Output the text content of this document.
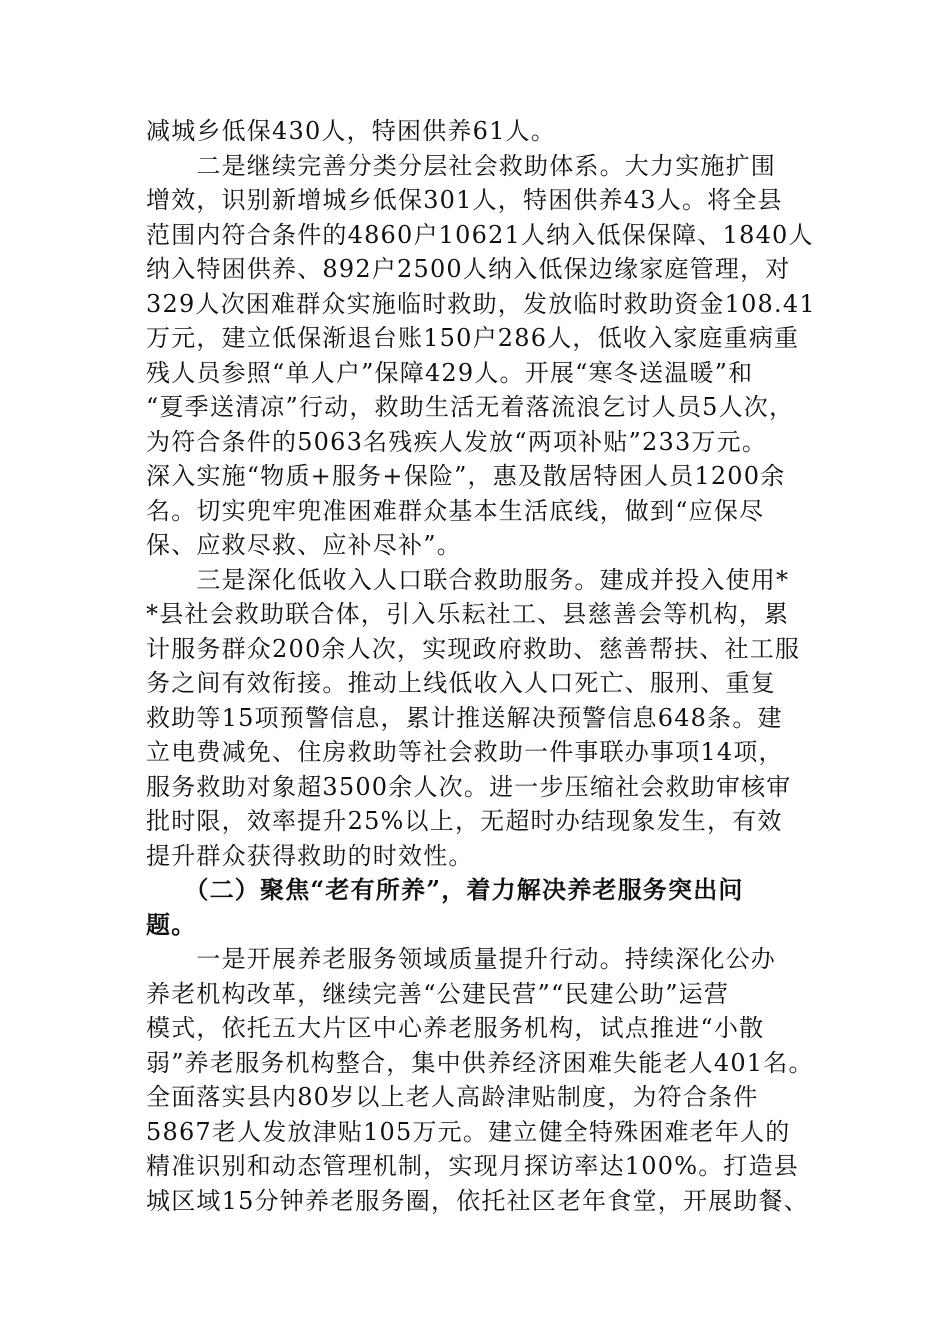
减城乡低保430人，特困供养61人。
　　二是继续完善分类分层社会救助体系。大力实施扩围
增效，识别新增城乡低保301人，特困供养43人。将全县
范围内符合条件的4860户10621人纳入低保保障、1840人
纳入特困供养、892户2500人纳入低保边缘家庭管理，对
329人次困难群众实施临时救助，发放临时救助资金108.41
万元，建立低保渐退台账150户286人，低收入家庭重病重
残人员参照“单人户”保障429人。开展“寒冬送温暖”和
“夏季送清凉”行动，救助生活无着落流浪乞讨人员5人次，
为符合条件的5063名残疾人发放“两项补贴”233万元。
深入实施“物质+服务+保险”，惠及散居特困人员1200余
名。切实兜牢兜准困难群众基本生活底线，做到“应保尽
保、应救尽救、应补尽补”。
　　三是深化低收入人口联合救助服务。建成并投入使用*
*县社会救助联合体，引入乐耘社工、县慈善会等机构，累
计服务群众200余人次，实现政府救助、慈善帮扶、社工服
务之间有效衔接。推动上线低收入人口死亡、服刑、重复
救助等15项预警信息，累计推送解决预警信息648条。建
立电费减免、住房救助等社会救助一件事联办事项14项，
服务救助对象超3500余人次。进一步压缩社会救助审核审
批时限，效率提升25%以上，无超时办结现象发生，有效
提升群众获得救助的时效性。
　　（二）聚焦“老有所养”，着力解决养老服务突出问
题。
　　一是开展养老服务领域质量提升行动。持续深化公办
养老机构改革，继续完善“公建民营”“民建公助”运营
模式，依托五大片区中心养老服务机构，试点推进“小散
弱”养老服务机构整合，集中供养经济困难失能老人401名。
全面落实县内80岁以上老人高龄津贴制度，为符合条件
5867老人发放津贴105万元。建立健全特殊困难老年人的
精准识别和动态管理机制，实现月探访率达100%。打造县
城区域15分钟养老服务圈，依托社区老年食堂，开展助餐、
